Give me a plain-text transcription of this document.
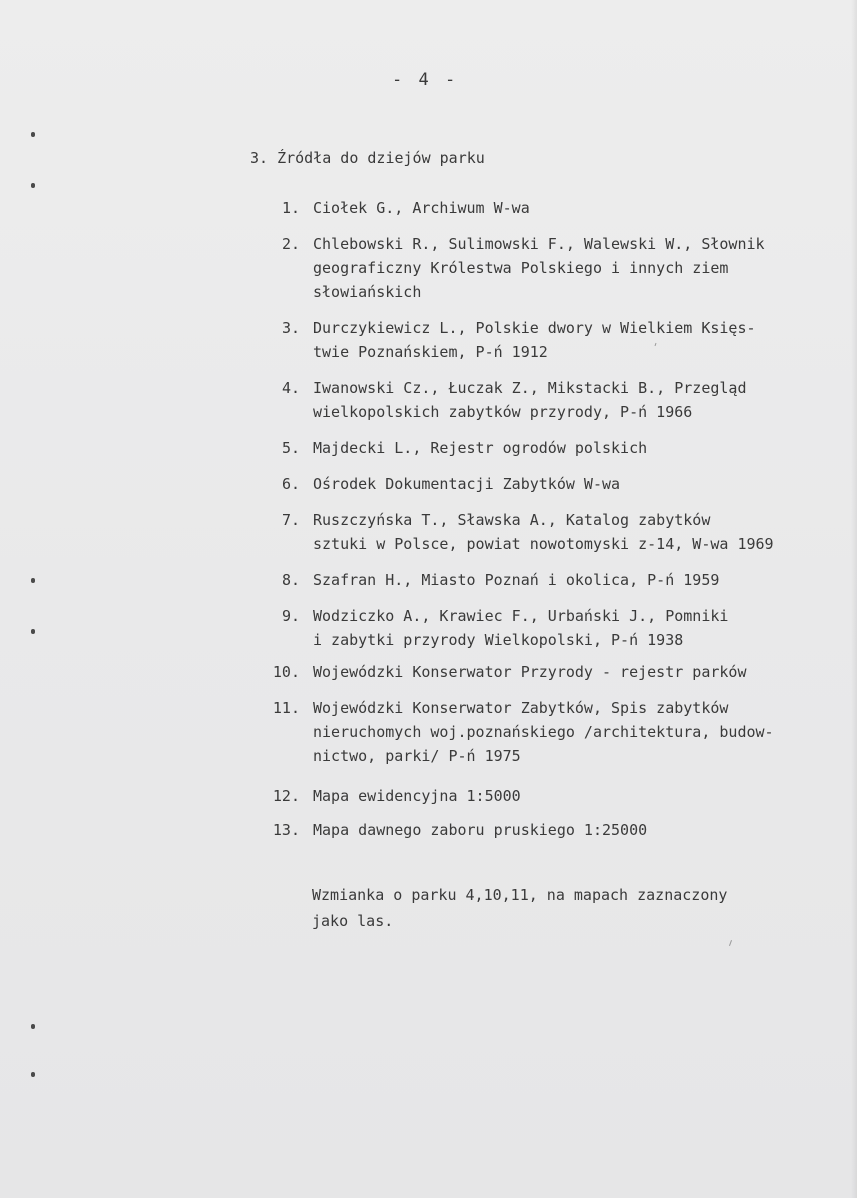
- 4 -
3. Źródła do dziejów parku
1. Ciołek G., Archiwum W-wa
2. Chlebowski R., Sulimowski F., Walewski W., Słownik
geograficzny Królestwa Polskiego i innych ziem
słowiańskich
3. Durczykiewicz L., Polskie dwory w Wielkiem Księs-
twie Poznańskiem, P-ń 1912
4. Iwanowski Cz., Łuczak Z., Mikstacki B., Przegląd
wielkopolskich zabytków przyrody, P-ń 1966
5. Majdecki L., Rejestr ogrodów polskich
6. Ośrodek Dokumentacji Zabytków W-wa
7. Ruszczyńska T., Sławska A., Katalog zabytków
sztuki w Polsce, powiat nowotomyski z-14, W-wa 1969
8. Szafran H., Miasto Poznań i okolica, P-ń 1959
9. Wodziczko A., Krawiec F., Urbański J., Pomniki
i zabytki przyrody Wielkopolski, P-ń 1938
10. Wojewódzki Konserwator Przyrody - rejestr parków
11. Wojewódzki Konserwator Zabytków, Spis zabytków
nieruchomych woj.poznańskiego /architektura, budow-
nictwo, parki/ P-ń 1975
12. Mapa ewidencyjna 1:5000
13. Mapa dawnego zaboru pruskiego 1:25000
Wzmianka o parku 4,10,11, na mapach zaznaczony
jako las.
